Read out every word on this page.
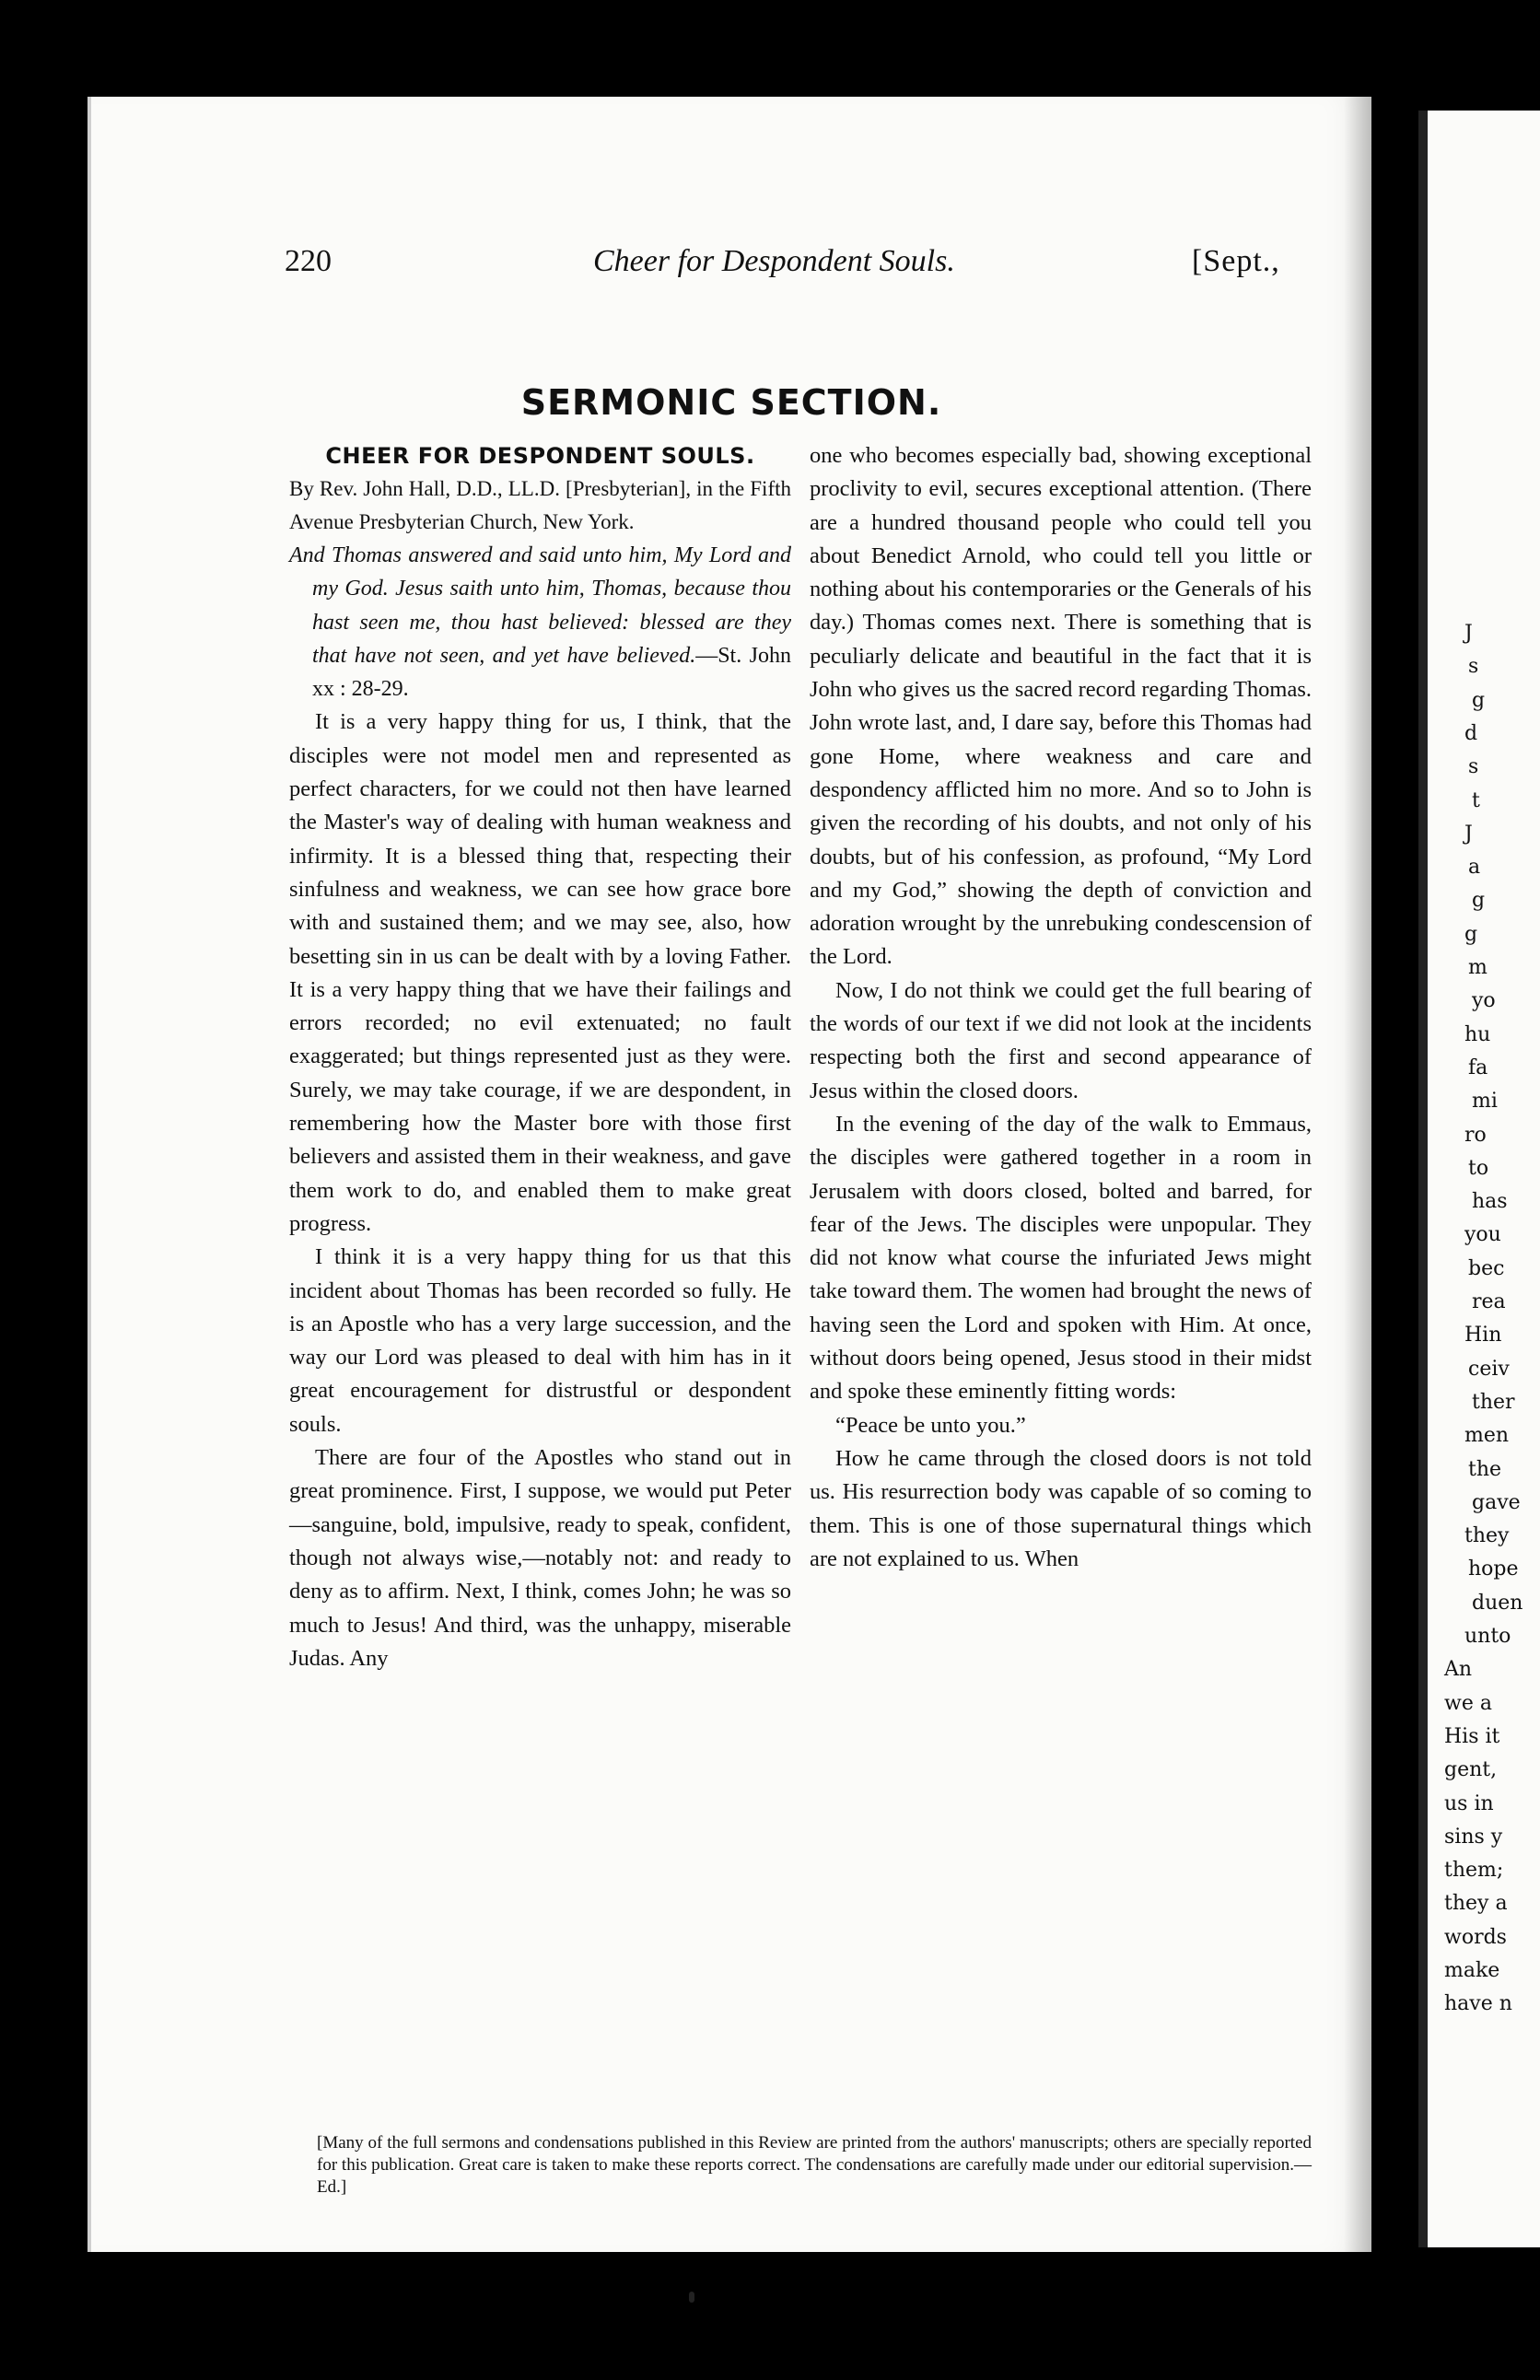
220	Cheer for Despondent Souls.	[Sept.,
SERMONIC SECTION.
CHEER FOR DESPONDENT SOULS.

By Rev. John Hall, D.D., LL.D. [Presbyterian], in the Fifth Avenue Presbyterian Church, New York.

And Thomas answered and said unto him, My Lord and my God. Jesus saith unto him, Thomas, because thou hast seen me, thou hast believed: blessed are they that have not seen, and yet have believed.—St. John xx : 28-29.

It is a very happy thing for us, I think, that the disciples were not model men and represented as perfect characters, for we could not then have learned the Master's way of dealing with human weakness and infirmity. It is a blessed thing that, respecting their sinfulness and weakness, we can see how grace bore with and sustained them; and we may see, also, how besetting sin in us can be dealt with by a loving Father. It is a very happy thing that we have their failings and errors recorded; no evil extenuated; no fault exaggerated; but things represented just as they were. Surely, we may take courage, if we are despondent, in remembering how the Master bore with those first believers and assisted them in their weakness, and gave them work to do, and enabled them to make great progress.

I think it is a very happy thing for us that this incident about Thomas has been recorded so fully. He is an Apostle who has a very large succession, and the way our Lord was pleased to deal with him has in it great encouragement for distrustful or despondent souls.

There are four of the Apostles who stand out in great prominence. First, I suppose, we would put Peter—sanguine, bold, impulsive, ready to speak, confident, though not always wise,—notably not: and ready to deny as to affirm. Next, I think, comes John; he was so much to Jesus! And third, was the unhappy, miserable Judas. Any

one who becomes especially bad, showing exceptional proclivity to evil, secures exceptional attention. (There are a hundred thousand people who could tell you about Benedict Arnold, who could tell you little or nothing about his contemporaries or the Generals of his day.) Thomas comes next. There is something that is peculiarly delicate and beautiful in the fact that it is John who gives us the sacred record regarding Thomas. John wrote last, and, I dare say, before this Thomas had gone Home, where weakness and care and despondency afflicted him no more. And so to John is given the recording of his doubts, and not only of his doubts, but of his confession, as profound, “My Lord and my God,” showing the depth of conviction and adoration wrought by the unrebuking condescension of the Lord.

Now, I do not think we could get the full bearing of the words of our text if we did not look at the incidents respecting both the first and second appearance of Jesus within the closed doors.

In the evening of the day of the walk to Emmaus, the disciples were gathered together in a room in Jerusalem with doors closed, bolted and barred, for fear of the Jews. The disciples were unpopular. They did not know what course the infuriated Jews might take toward them. The women had brought the news of having seen the Lord and spoken with Him. At once, without doors being opened, Jesus stood in their midst and spoke these eminently fitting words:

“Peace be unto you.”

How he came through the closed doors is not told us. His resurrection body was capable of so coming to them. This is one of those supernatural things which are not explained to us. When

[Many of the full sermons and condensations published in this Review are printed from the authors' manuscripts; others are specially reported for this publication. Great care is taken to make these reports correct. The condensations are carefully made under our editorial supervision.—Ed.]
J
s
g
d
s
t
J
a
g
g
m
yo
hu
fa
mi
ro
to
has
you
bec
rea
Hin
ceiv
ther
men
the
gave
they
hope
duen
unto
An
we a
His it
gent,
us in
sins y
them;
they a
words
make
have n
